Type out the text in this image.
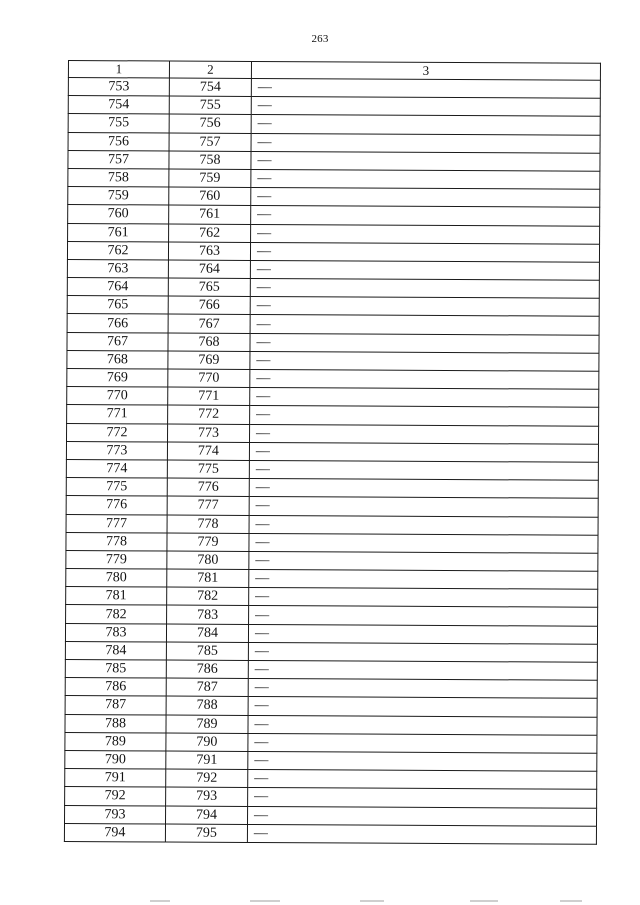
263
1	2	3
753	754	—
754	755	—
755	756	—
756	757	—
757	758	—
758	759	—
759	760	—
760	761	—
761	762	—
762	763	—
763	764	—
764	765	—
765	766	—
766	767	—
767	768	—
768	769	—
769	770	—
770	771	—
771	772	—
772	773	—
773	774	—
774	775	—
775	776	—
776	777	—
777	778	—
778	779	—
779	780	—
780	781	—
781	782	—
782	783	—
783	784	—
784	785	—
785	786	—
786	787	—
787	788	—
788	789	—
789	790	—
790	791	—
791	792	—
792	793	—
793	794	—
794	795	—
